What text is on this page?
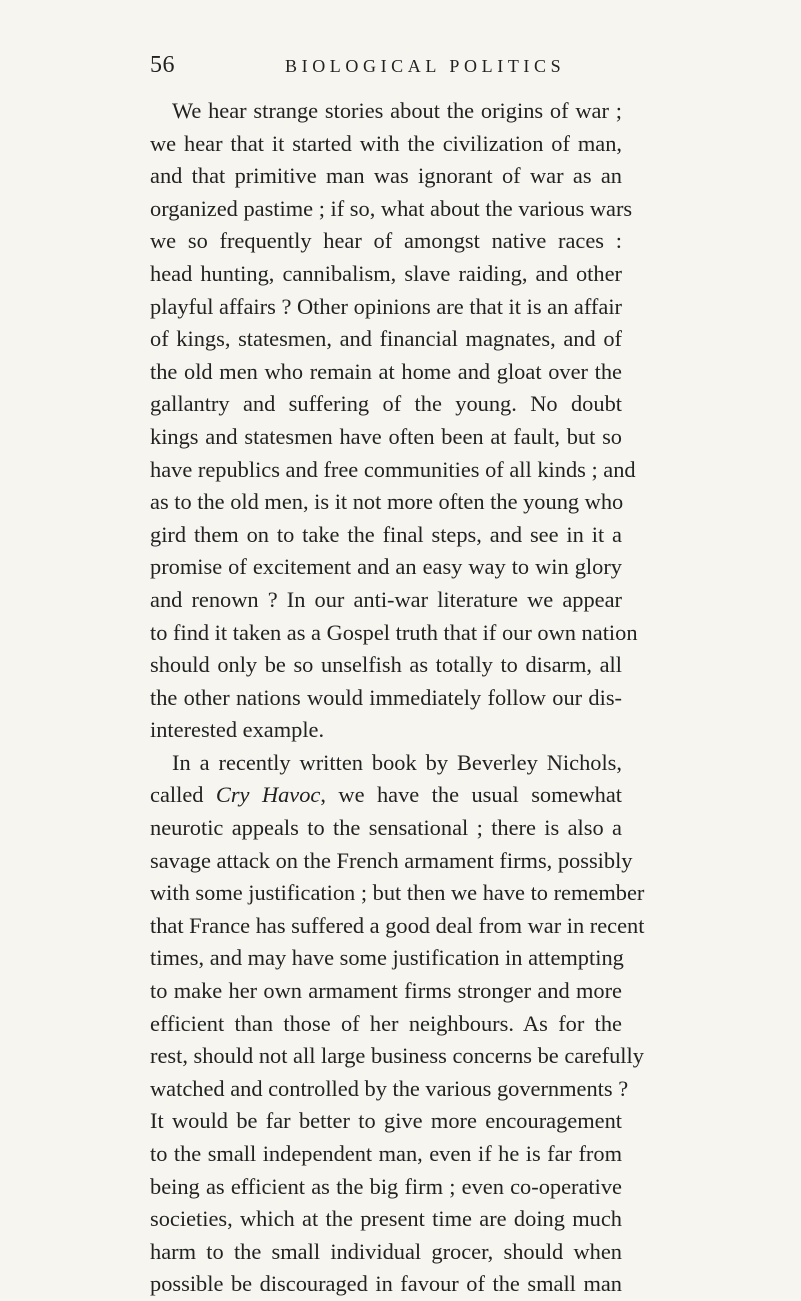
56	BIOLOGICAL POLITICS
We hear strange stories about the origins of war ;
we hear that it started with the civilization of man,
and that primitive man was ignorant of war as an
organized pastime ; if so, what about the various wars
we so frequently hear of amongst native races :
head hunting, cannibalism, slave raiding, and other
playful affairs ? Other opinions are that it is an affair
of kings, statesmen, and financial magnates, and of
the old men who remain at home and gloat over the
gallantry and suffering of the young. No doubt
kings and statesmen have often been at fault, but so
have republics and free communities of all kinds ; and
as to the old men, is it not more often the young who
gird them on to take the final steps, and see in it a
promise of excitement and an easy way to win glory
and renown ? In our anti-war literature we appear
to find it taken as a Gospel truth that if our own nation
should only be so unselfish as totally to disarm, all
the other nations would immediately follow our dis-
interested example.
In a recently written book by Beverley Nichols,
called Cry Havoc, we have the usual somewhat
neurotic appeals to the sensational ; there is also a
savage attack on the French armament firms, possibly
with some justification ; but then we have to remember
that France has suffered a good deal from war in recent
times, and may have some justification in attempting
to make her own armament firms stronger and more
efficient than those of her neighbours. As for the
rest, should not all large business concerns be carefully
watched and controlled by the various governments ?
It would be far better to give more encouragement
to the small independent man, even if he is far from
being as efficient as the big firm ; even co-operative
societies, which at the present time are doing much
harm to the small individual grocer, should when
possible be discouraged in favour of the small man
